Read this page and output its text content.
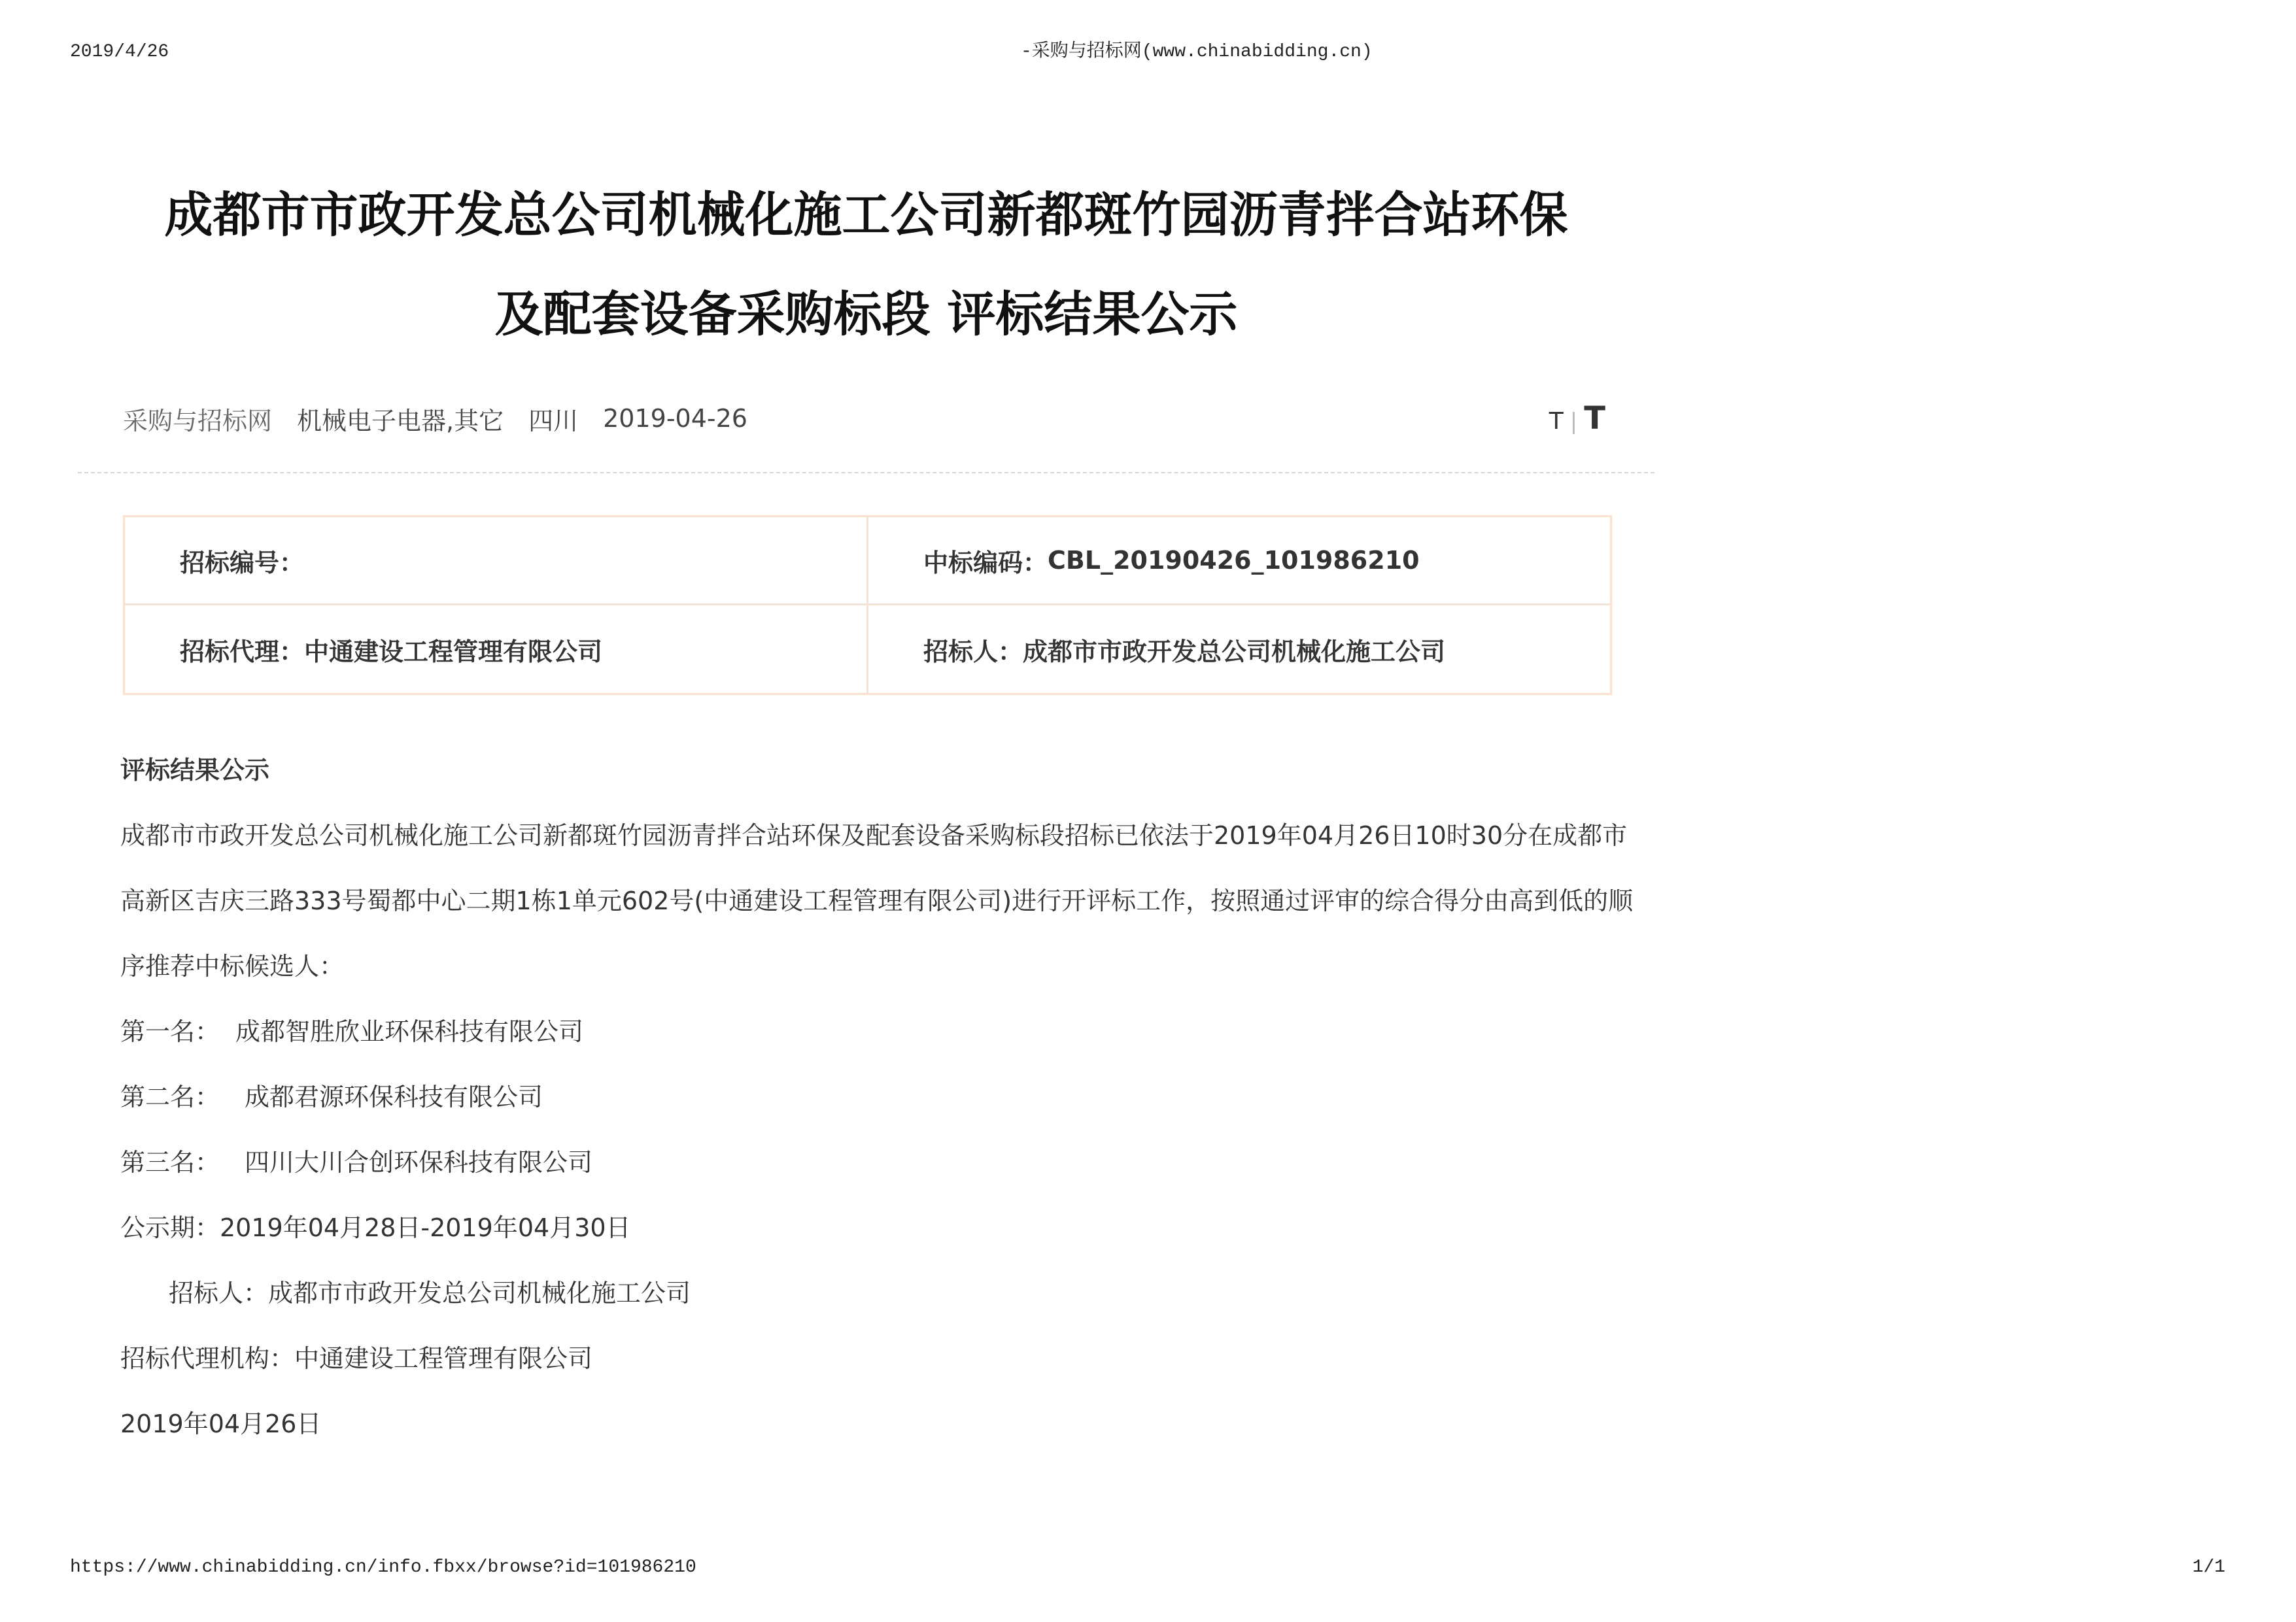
2019/4/26	-采购与招标网(www.chinabidding.cn)
成都市市政开发总公司机械化施工公司新都斑竹园沥青拌合站环保
及配套设备采购标段 评标结果公示
采购与招标网 机械电子电器,其它 四川 2019-04-26	T | T
招标编号：	中标编码： CBL_20190426_101986210
招标代理： 中通建设工程管理有限公司	招标人： 成都市市政开发总公司机械化施工公司
评标结果公示
成都市市政开发总公司机械化施工公司新都斑竹园沥青拌合站环保及配套设备采购标段招标已依法于2019年04月26日10时30分在成都市
高新区吉庆三路333号蜀都中心二期1栋1单元602号(中通建设工程管理有限公司)进行开评标工作，按照通过评审的综合得分由高到低的顺
序推荐中标候选人：
第一名： 成都智胜欣业环保科技有限公司
第二名： 成都君源环保科技有限公司
第三名： 四川大川合创环保科技有限公司
公示期：2019年04月28日-2019年04月30日
招标人：成都市市政开发总公司机械化施工公司
招标代理机构：中通建设工程管理有限公司
2019年04月26日
https://www.chinabidding.cn/info.fbxx/browse?id=101986210	1/1
